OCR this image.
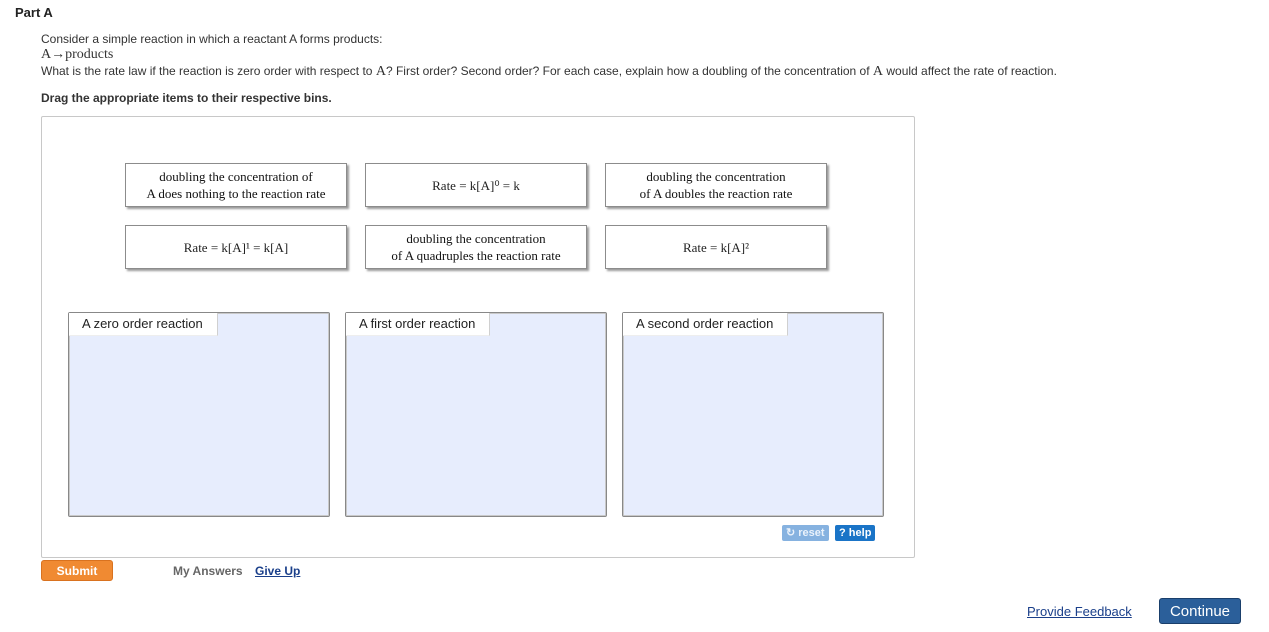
Part A
Consider a simple reaction in which a reactant A forms products:
A→products
What is the rate law if the reaction is zero order with respect to A? First order? Second order? For each case, explain how a doubling of the concentration of A would affect the rate of reaction.
Drag the appropriate items to their respective bins.
doubling the concentration of
A does nothing to the reaction rate
Rate = k[A]⁰ = k
doubling the concentration
of A doubles the reaction rate
Rate = k[A]¹ = k[A]
doubling the concentration
of A quadruples the reaction rate
Rate = k[A]²
A zero order reaction	A first order reaction	A second order reaction
↻ reset	? help
Submit	My Answers Give Up
Provide Feedback	Continue
